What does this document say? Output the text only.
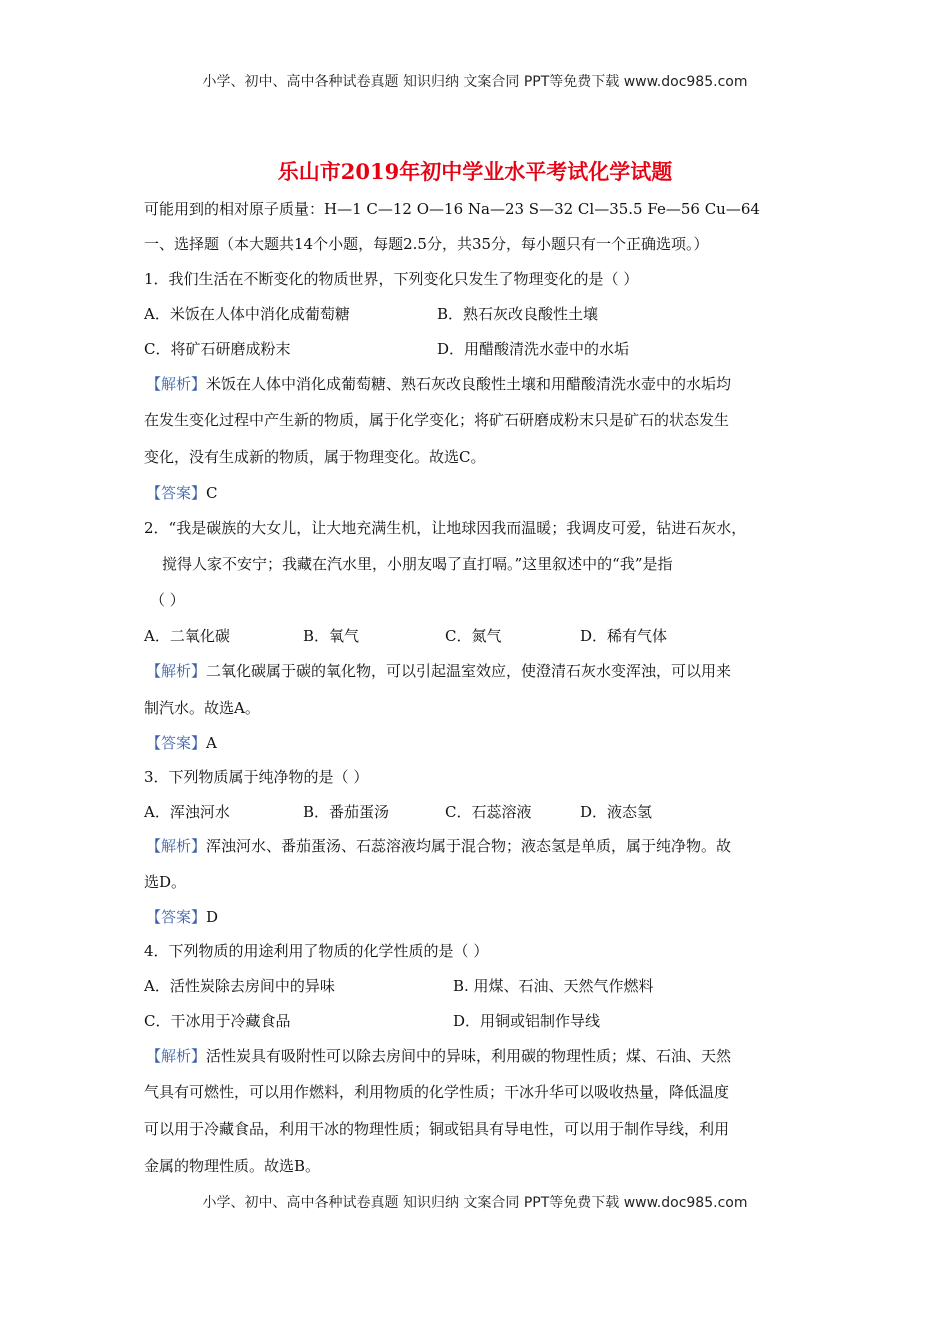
小学、初中、高中各种试卷真题 知识归纳 文案合同 PPT等免费下载 www.doc985.com
乐山市2019年初中学业水平考试化学试题
可能用到的相对原子质量：H—1 C—12 O—16 Na—23 S—32 Cl—35.5 Fe—56 Cu—64
一、选择题（本大题共14个小题，每题2.5分，共35分，每小题只有一个正确选项。）
1．我们生活在不断变化的物质世界，下列变化只发生了物理变化的是（ ）
A．米饭在人体中消化成葡萄糖	B．熟石灰改良酸性土壤
C．将矿石研磨成粉末	D．用醋酸清洗水壶中的水垢
【解析】米饭在人体中消化成葡萄糖、熟石灰改良酸性土壤和用醋酸清洗水壶中的水垢均
在发生变化过程中产生新的物质，属于化学变化；将矿石研磨成粉末只是矿石的状态发生
变化，没有生成新的物质，属于物理变化。故选C。
【答案】C
2．“我是碳族的大女儿，让大地充满生机，让地球因我而温暖；我调皮可爱，钻进石灰水，
搅得人家不安宁；我藏在汽水里，小朋友喝了直打嗝。”这里叙述中的“我”是指
（ ）
A．二氧化碳	B．氧气	C．氮气	D．稀有气体
【解析】二氧化碳属于碳的氧化物，可以引起温室效应，使澄清石灰水变浑浊，可以用来
制汽水。故选A。
【答案】A
3．下列物质属于纯净物的是（ ）
A．浑浊河水	B．番茄蛋汤	C．石蕊溶液	D．液态氢
【解析】浑浊河水、番茄蛋汤、石蕊溶液均属于混合物；液态氢是单质，属于纯净物。故
选D。
【答案】D
4．下列物质的用途利用了物质的化学性质的是（ ）
A．活性炭除去房间中的异味	B. 用煤、石油、天然气作燃料
C．干冰用于冷藏食品	D．用铜或铝制作导线
【解析】活性炭具有吸附性可以除去房间中的异味，利用碳的物理性质；煤、石油、天然
气具有可燃性，可以用作燃料，利用物质的化学性质；干冰升华可以吸收热量，降低温度
可以用于冷藏食品，利用干冰的物理性质；铜或铝具有导电性，可以用于制作导线，利用
金属的物理性质。故选B。
小学、初中、高中各种试卷真题 知识归纳 文案合同 PPT等免费下载 www.doc985.com
